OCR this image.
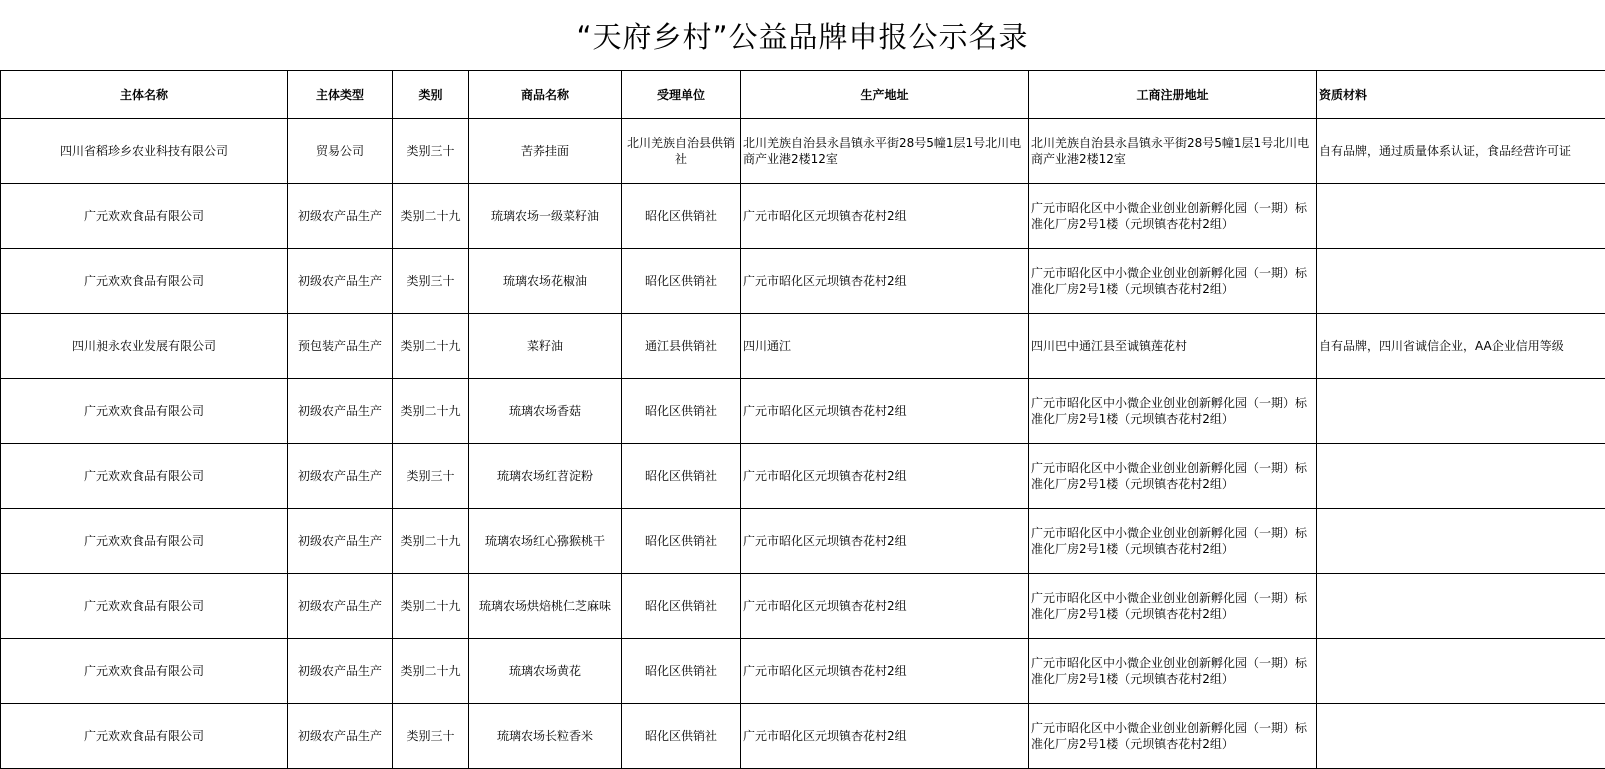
“天府乡村”公益品牌申报公示名录
主体名称	主体类型	类别	商品名称	受理单位	生产地址	工商注册地址	资质材料
四川省稻珍乡农业科技有限公司	贸易公司	类别三十	苦荞挂面	北川羌族自治县供销社	北川羌族自治县永昌镇永平街28号5幢1层1号北川电商产业港2楼12室	北川羌族自治县永昌镇永平街28号5幢1层1号北川电商产业港2楼12室	自有品牌，通过质量体系认证，食品经营许可证
广元欢欢食品有限公司	初级农产品生产	类别二十九	琉璃农场一级菜籽油	昭化区供销社	广元市昭化区元坝镇杏花村2组	广元市昭化区中小微企业创业创新孵化园（一期）标准化厂房2号1楼（元坝镇杏花村2组）	
广元欢欢食品有限公司	初级农产品生产	类别三十	琉璃农场花椒油	昭化区供销社	广元市昭化区元坝镇杏花村2组	广元市昭化区中小微企业创业创新孵化园（一期）标准化厂房2号1楼（元坝镇杏花村2组）	
四川昶永农业发展有限公司	预包装产品生产	类别二十九	菜籽油	通江县供销社	四川通江	四川巴中通江县至诚镇莲花村	自有品牌，四川省诚信企业，AA企业信用等级
广元欢欢食品有限公司	初级农产品生产	类别二十九	琉璃农场香菇	昭化区供销社	广元市昭化区元坝镇杏花村2组	广元市昭化区中小微企业创业创新孵化园（一期）标准化厂房2号1楼（元坝镇杏花村2组）	
广元欢欢食品有限公司	初级农产品生产	类别三十	琉璃农场红苕淀粉	昭化区供销社	广元市昭化区元坝镇杏花村2组	广元市昭化区中小微企业创业创新孵化园（一期）标准化厂房2号1楼（元坝镇杏花村2组）	
广元欢欢食品有限公司	初级农产品生产	类别二十九	琉璃农场红心猕猴桃干	昭化区供销社	广元市昭化区元坝镇杏花村2组	广元市昭化区中小微企业创业创新孵化园（一期）标准化厂房2号1楼（元坝镇杏花村2组）	
广元欢欢食品有限公司	初级农产品生产	类别二十九	琉璃农场烘焙桃仁芝麻味	昭化区供销社	广元市昭化区元坝镇杏花村2组	广元市昭化区中小微企业创业创新孵化园（一期）标准化厂房2号1楼（元坝镇杏花村2组）	
广元欢欢食品有限公司	初级农产品生产	类别二十九	琉璃农场黄花	昭化区供销社	广元市昭化区元坝镇杏花村2组	广元市昭化区中小微企业创业创新孵化园（一期）标准化厂房2号1楼（元坝镇杏花村2组）	
广元欢欢食品有限公司	初级农产品生产	类别三十	琉璃农场长粒香米	昭化区供销社	广元市昭化区元坝镇杏花村2组	广元市昭化区中小微企业创业创新孵化园（一期）标准化厂房2号1楼（元坝镇杏花村2组）	
